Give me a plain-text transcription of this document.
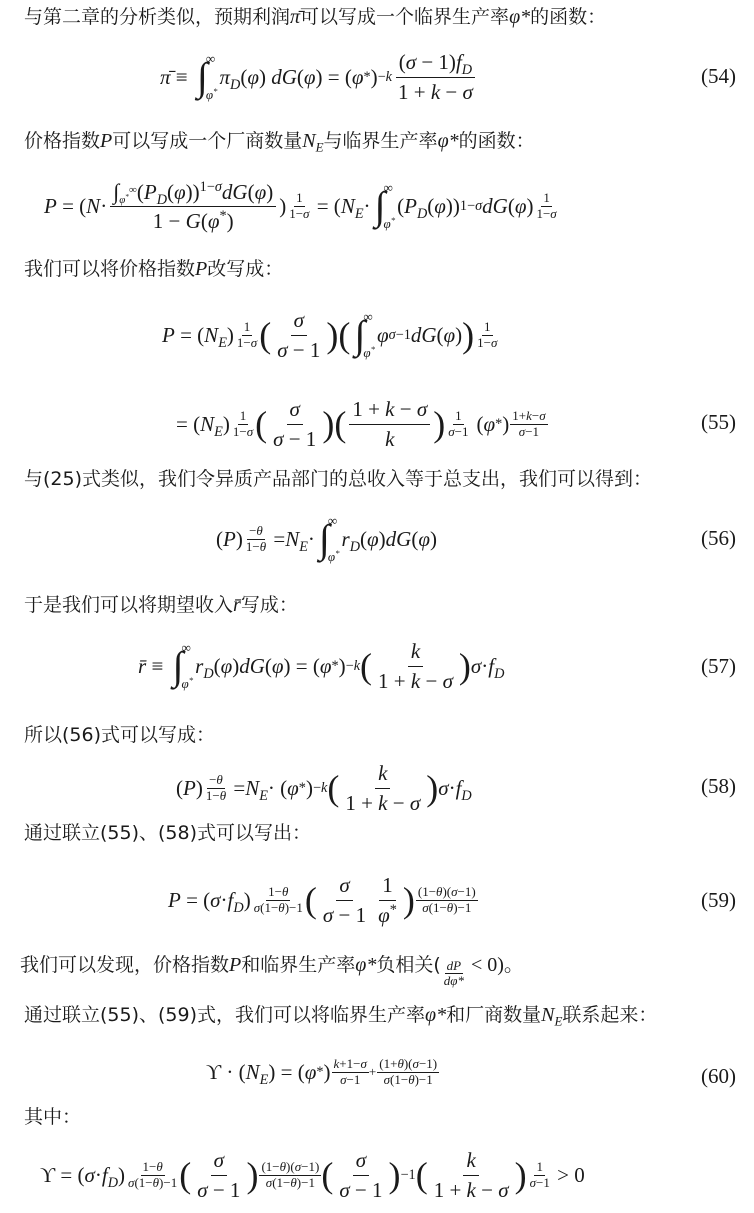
与第二章的分析类似，预期利润π̄可以写成一个临界生产率φ*的函数：
π̄ ≡ ∫
∞
φ*
$\pi_D$ ( φ ) dG ( φ ) = ( φ * ) $-k \frac{(\sigma - 1)f_D}{1 + k - \sigma}$	(54)
价格指数P可以写成一个厂商数量$N_E$与临界生产率φ*的函数：
P = ( $N \cdot \frac{\int_{\varphi^*}^\infty(P_D(\varphi))^{1-\sigma}dG(\varphi)}{1 - G(\varphi^*)}$ ) 1
1−σ = ( $N_E$ · ∫
∞
φ*
( $P_D$ ( φ )) 1−σ dG ( φ ) 1
1−σ
我们可以将价格指数P改写成：
P = ( $N_E$ ) 1
1−σ ( $\frac{\sigma}{\sigma - 1}$ ) ( ∫
∞
φ*
φ σ−1 dG ( φ ) ) 1
1−σ
= ( $N_E$ ) 1
1−σ ( $\frac{\sigma}{\sigma - 1}$ ) ( $\frac{1 + k - \sigma}{k}$ ) 1
σ−1 ( φ * ) 1+k−σ
σ−1	(55)
与(25)式类似，我们令异质产品部门的总收入等于总支出，我们可以得到：
( P ) −θ
$1-\theta = N_E$ · ∫
∞
φ*
$r_D$ ( φ ) dG ( φ )	(56)
于是我们可以将期望收入r̄写成：
r̄ ≡ ∫
∞
φ*
$r_D$ ( φ ) dG ( φ ) = ( φ * ) −k ( $\frac{k}{1 + k - \sigma}$ ) $\sigma \cdot f_D$	(57)
所以(56)式可以写成：
( P ) −θ
$1-\theta = N_E$ · ( φ * ) −k ( $\frac{k}{1 + k - \sigma}$ ) $\sigma \cdot f_D$	(58)
通过联立(55)、(58)式可以写出：
P = ( $\sigma \cdot f_D$ ) 1−θ
σ(1−θ)−1 ( $\frac{\sigma}{\sigma - 1} \frac{1}{\varphi^*}$ ) (1−θ)(σ−1)
σ(1−θ)−1	(59)
我们可以发现，价格指数P和临界生产率φ*负相关( $\frac{dP}{d\varphi*} < 0$)。
通过联立(55)、(59)式，我们可以将临界生产率φ*和厂商数量$N_E$联系起来：
ϒ · ( $N_E$ ) = ( φ * ) k+1−σ
$\sigma-1 + \frac{(1+\theta)(\sigma-1)}{\sigma(1-\theta)-1}$	(60)
其中：
ϒ = ( $\sigma \cdot f_D$ ) 1−θ
σ(1−θ)−1 ( $\frac{\sigma}{\sigma - 1}$ ) (1−θ)(σ−1)
σ(1−θ)−1 ( $\frac{\sigma}{\sigma - 1}$ ) −1 ( $\frac{k}{1 + k - \sigma}$ ) 1
σ−1 > 0
